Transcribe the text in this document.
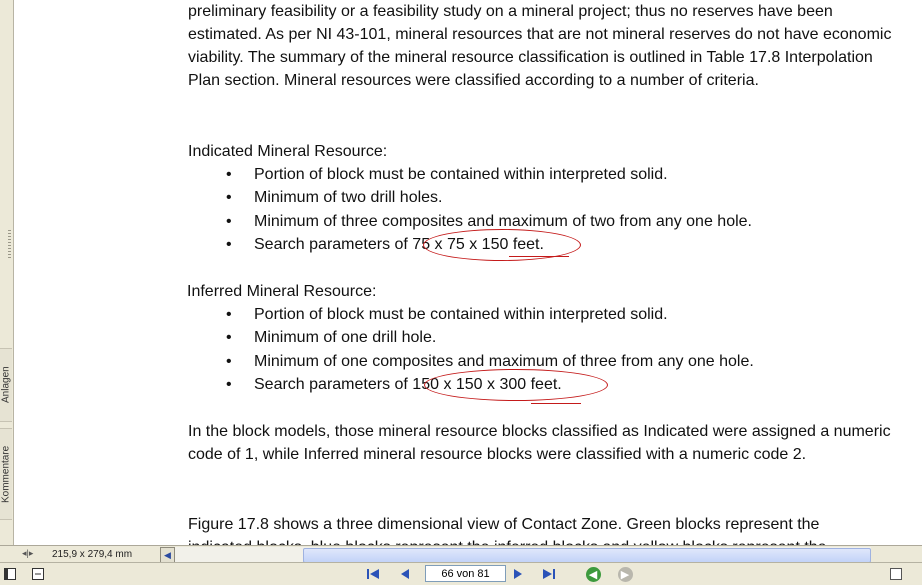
Anlagen
Kommentare

preliminary feasibility or a feasibility study on a mineral project; thus no reserves have been estimated. As per NI 43-101, mineral resources that are not mineral reserves do not have economic viability. The summary of the mineral resource classification is outlined in Table 17.8 Interpolation Plan section. Mineral resources were classified according to a number of criteria.

Indicated Mineral Resource:

• Portion of block must be contained within interpreted solid.
• Minimum of two drill holes.
• Minimum of three composites and maximum of two from any one hole.
• Search parameters of 75 x 75 x 150 feet.

Inferred Mineral Resource:

• Portion of block must be contained within interpreted solid.
• Minimum of one drill hole.
• Minimum of one composites and maximum of three from any one hole.
• Search parameters of 150 x 150 x 300 feet.

In the block models, those mineral resource blocks classified as Indicated were assigned a numeric code of 1, while Inferred mineral resource blocks were classified with a numeric code 2.

Figure 17.8 shows a three dimensional view of Contact Zone. Green blocks represent the

◂|▸ 215,9 x 279,4 mm	◀
66 von 81	◀ ▶
